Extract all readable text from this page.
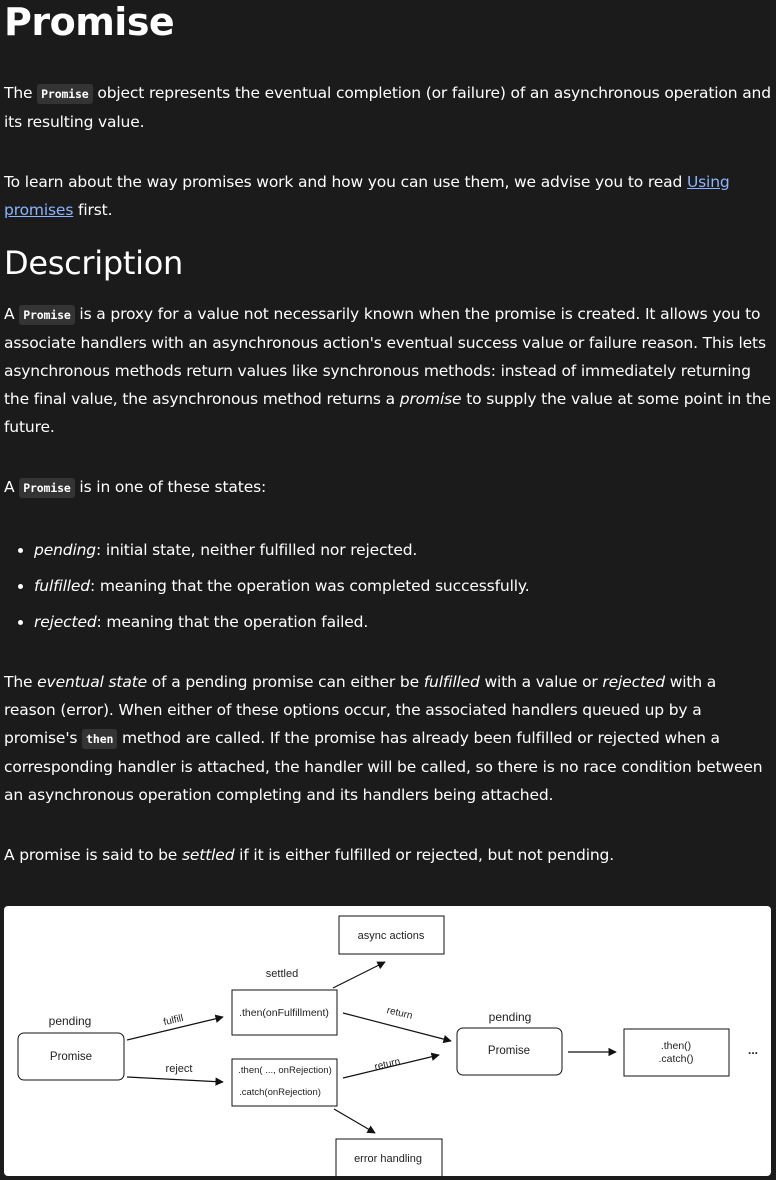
Promise

The Promise object represents the eventual completion (or failure) of an asynchronous operation and its resulting value.

To learn about the way promises work and how you can use them, we advise you to read Using promises first.

Description

A Promise is a proxy for a value not necessarily known when the promise is created. It allows you to associate handlers with an asynchronous action's eventual success value or failure reason. This lets asynchronous methods return values like synchronous methods: instead of immediately returning the final value, the asynchronous method returns a promise to supply the value at some point in the future.

A Promise is in one of these states:

• pending: initial state, neither fulfilled nor rejected.
• fulfilled: meaning that the operation was completed successfully.
• rejected: meaning that the operation failed.

The eventual state of a pending promise can either be fulfilled with a value or rejected with a reason (error). When either of these options occur, the associated handlers queued up by a promise's then method are called. If the promise has already been fulfilled or rejected when a corresponding handler is attached, the handler will be called, so there is no race condition between an asynchronous operation completing and its handlers being attached.

A promise is said to be settled if it is either fulfilled or rejected, but not pending.

pending
Promise
fulfill
reject
settled
.then(onFulfillment)
.then( ..., onRejection)
.catch(onRejection)
async actions
error handling
return
return
pending
Promise	.then()
.catch()
...
